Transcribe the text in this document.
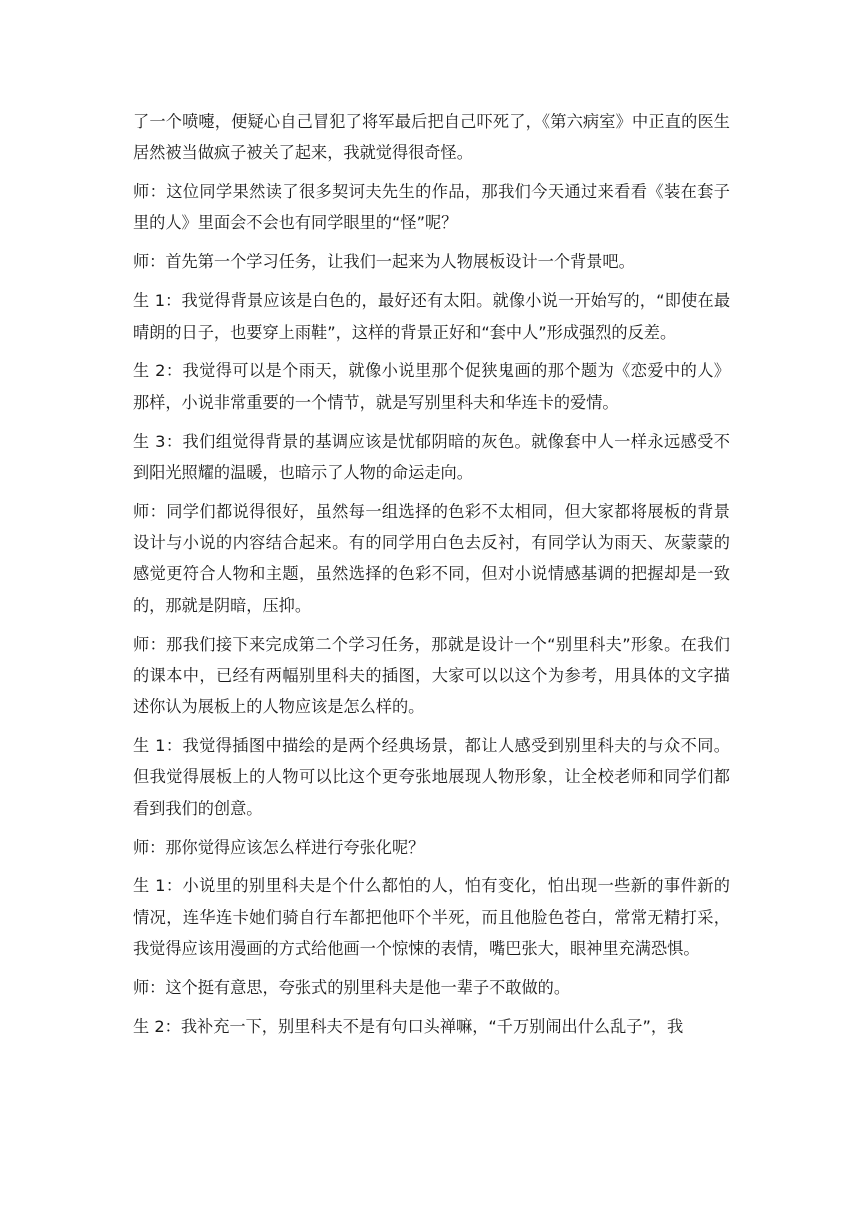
了一个喷嚏，便疑心自己冒犯了将军最后把自己吓死了，《第六病室》中正直的医生居然被当做疯子被关了起来，我就觉得很奇怪。

师：这位同学果然读了很多契诃夫先生的作品，那我们今天通过来看看《装在套子里的人》里面会不会也有同学眼里的“怪”呢？

师：首先第一个学习任务，让我们一起来为人物展板设计一个背景吧。

生 1：我觉得背景应该是白色的，最好还有太阳。就像小说一开始写的，“即使在最晴朗的日子，也要穿上雨鞋”，这样的背景正好和“套中人”形成强烈的反差。

生 2：我觉得可以是个雨天，就像小说里那个促狭鬼画的那个题为《恋爱中的人》那样，小说非常重要的一个情节，就是写别里科夫和华连卡的爱情。

生 3：我们组觉得背景的基调应该是忧郁阴暗的灰色。就像套中人一样永远感受不到阳光照耀的温暖，也暗示了人物的命运走向。

师：同学们都说得很好，虽然每一组选择的色彩不太相同，但大家都将展板的背景设计与小说的内容结合起来。有的同学用白色去反衬，有同学认为雨天、灰蒙蒙的感觉更符合人物和主题，虽然选择的色彩不同，但对小说情感基调的把握却是一致的，那就是阴暗，压抑。

师：那我们接下来完成第二个学习任务，那就是设计一个“别里科夫”形象。在我们的课本中，已经有两幅别里科夫的插图，大家可以以这个为参考，用具体的文字描述你认为展板上的人物应该是怎么样的。

生 1：我觉得插图中描绘的是两个经典场景，都让人感受到别里科夫的与众不同。但我觉得展板上的人物可以比这个更夸张地展现人物形象，让全校老师和同学们都看到我们的创意。

师：那你觉得应该怎么样进行夸张化呢？

生 1：小说里的别里科夫是个什么都怕的人，怕有变化，怕出现一些新的事件新的情况，连华连卡她们骑自行车都把他吓个半死，而且他脸色苍白，常常无精打采，我觉得应该用漫画的方式给他画一个惊悚的表情，嘴巴张大，眼神里充满恐惧。

师：这个挺有意思，夸张式的别里科夫是他一辈子不敢做的。

生 2：我补充一下，别里科夫不是有句口头禅嘛，“千万别闹出什么乱子”，我
